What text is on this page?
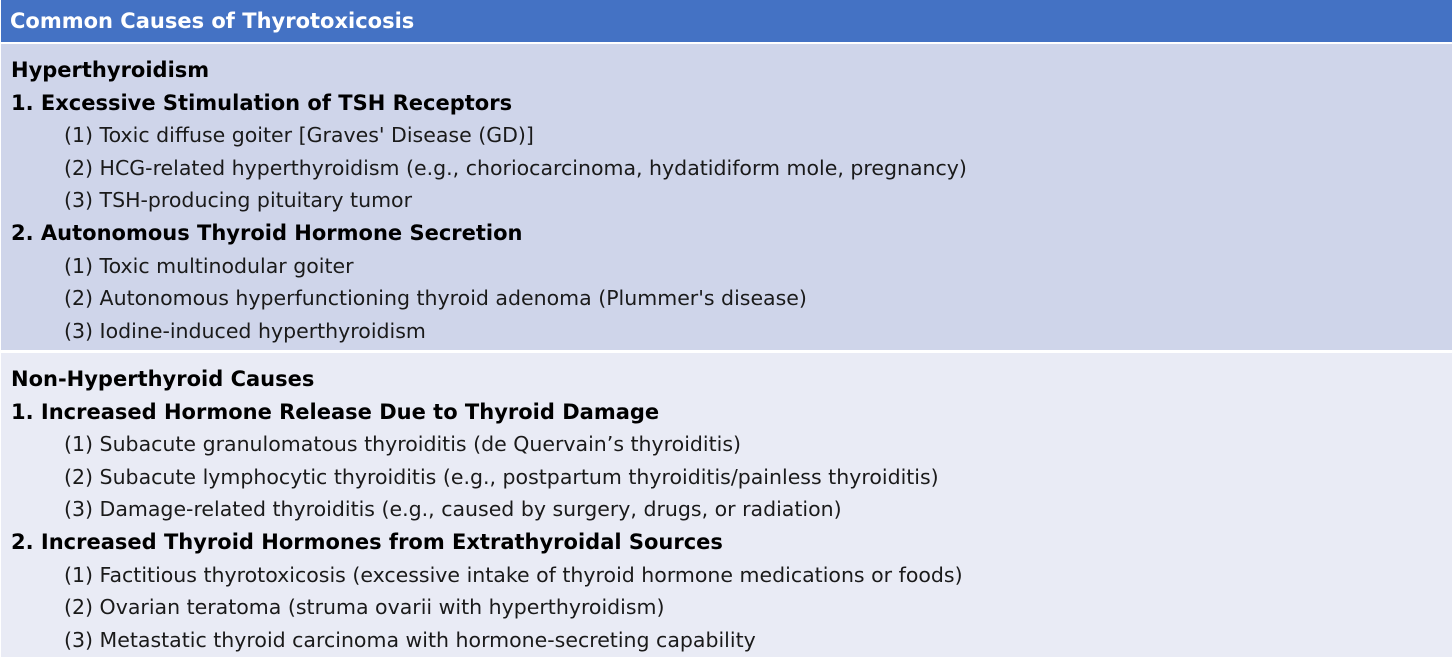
Common Causes of Thyrotoxicosis
Hyperthyroidism
1. Excessive Stimulation of TSH Receptors
(1) Toxic diffuse goiter [Graves' Disease (GD)]
(2) HCG-related hyperthyroidism (e.g., choriocarcinoma, hydatidiform mole, pregnancy)
(3) TSH-producing pituitary tumor
2. Autonomous Thyroid Hormone Secretion
(1) Toxic multinodular goiter
(2) Autonomous hyperfunctioning thyroid adenoma (Plummer's disease)
(3) Iodine-induced hyperthyroidism
Non-Hyperthyroid Causes
1. Increased Hormone Release Due to Thyroid Damage
(1) Subacute granulomatous thyroiditis (de Quervain’s thyroiditis)
(2) Subacute lymphocytic thyroiditis (e.g., postpartum thyroiditis/painless thyroiditis)
(3) Damage-related thyroiditis (e.g., caused by surgery, drugs, or radiation)
2. Increased Thyroid Hormones from Extrathyroidal Sources
(1) Factitious thyrotoxicosis (excessive intake of thyroid hormone medications or foods)
(2) Ovarian teratoma (struma ovarii with hyperthyroidism)
(3) Metastatic thyroid carcinoma with hormone-secreting capability
